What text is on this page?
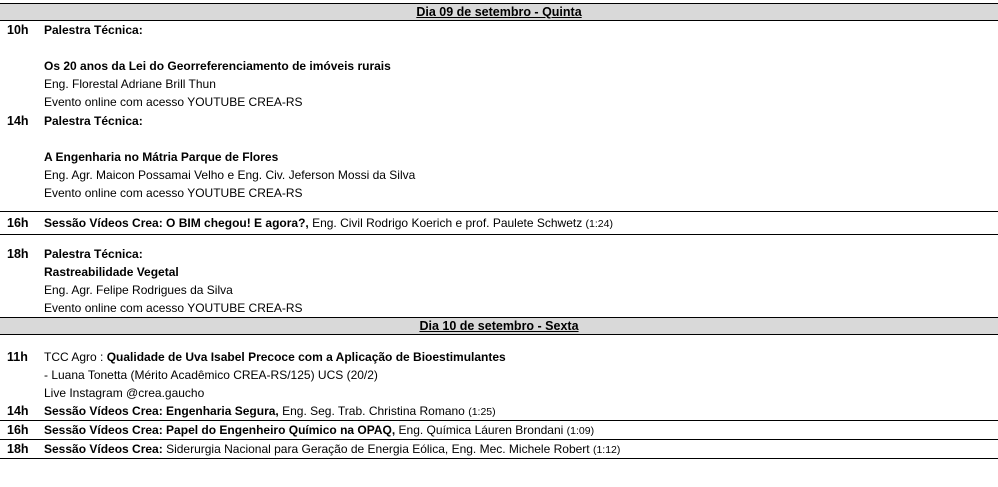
Dia 09 de setembro - Quinta
10h Palestra Técnica:
Os 20 anos da Lei do Georreferenciamento de imóveis rurais
Eng. Florestal Adriane Brill Thun
Evento online com acesso YOUTUBE CREA-RS
14h Palestra Técnica:
A Engenharia no Mátria Parque de Flores
Eng. Agr. Maicon Possamai Velho e Eng. Civ. Jeferson Mossi da Silva
Evento online com acesso YOUTUBE CREA-RS
16h Sessão Vídeos Crea: O BIM chegou! E agora?, Eng. Civil Rodrigo Koerich e prof. Paulete Schwetz (1:24)
18h Palestra Técnica:
Rastreabilidade Vegetal
Eng. Agr. Felipe Rodrigues da Silva
Evento online com acesso YOUTUBE CREA-RS
Dia 10 de setembro - Sexta
11h TCC Agro : Qualidade de Uva Isabel Precoce com a Aplicação de Bioestimulantes
- Luana Tonetta (Mérito Acadêmico CREA-RS/125) UCS (20/2)
Live Instagram @crea.gaucho
14h Sessão Vídeos Crea: Engenharia Segura, Eng. Seg. Trab. Christina Romano (1:25)
16h Sessão Vídeos Crea: Papel do Engenheiro Químico na OPAQ, Eng. Química Láuren Brondani (1:09)
18h Sessão Vídeos Crea: Siderurgia Nacional para Geração de Energia Eólica, Eng. Mec. Michele Robert (1:12)
